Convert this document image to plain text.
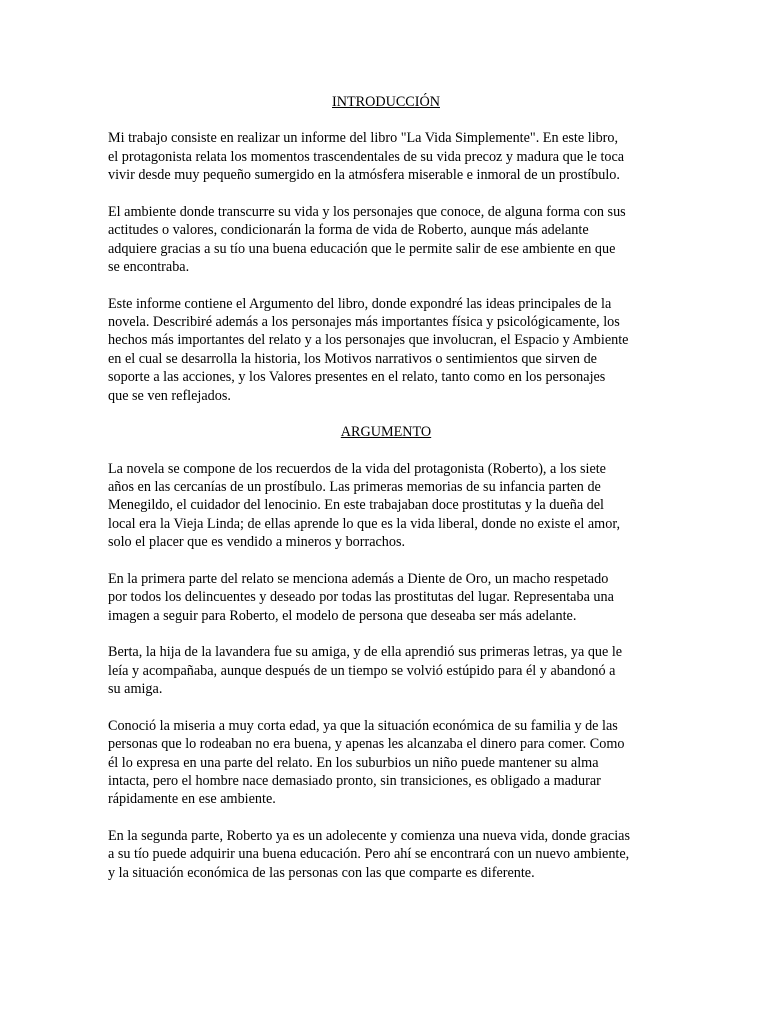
INTRODUCCIÓN

Mi trabajo consiste en realizar un informe del libro "La Vida Simplemente". En este libro,
el protagonista relata los momentos trascendentales de su vida precoz y madura que le toca
vivir desde muy pequeño sumergido en la atmósfera miserable e inmoral de un prostíbulo.

El ambiente donde transcurre su vida y los personajes que conoce, de alguna forma con sus
actitudes o valores, condicionarán la forma de vida de Roberto, aunque más adelante
adquiere gracias a su tío una buena educación que le permite salir de ese ambiente en que
se encontraba.

Este informe contiene el Argumento del libro, donde expondré las ideas principales de la
novela. Describiré además a los personajes más importantes física y psicológicamente, los
hechos más importantes del relato y a los personajes que involucran, el Espacio y Ambiente
en el cual se desarrolla la historia, los Motivos narrativos o sentimientos que sirven de
soporte a las acciones, y los Valores presentes en el relato, tanto como en los personajes
que se ven reflejados.

ARGUMENTO

La novela se compone de los recuerdos de la vida del protagonista (Roberto), a los siete
años en las cercanías de un prostíbulo. Las primeras memorias de su infancia parten de
Menegildo, el cuidador del lenocinio. En este trabajaban doce prostitutas y la dueña del
local era la Vieja Linda; de ellas aprende lo que es la vida liberal, donde no existe el amor,
solo el placer que es vendido a mineros y borrachos.

En la primera parte del relato se menciona además a Diente de Oro, un macho respetado
por todos los delincuentes y deseado por todas las prostitutas del lugar. Representaba una
imagen a seguir para Roberto, el modelo de persona que deseaba ser más adelante.

Berta, la hija de la lavandera fue su amiga, y de ella aprendió sus primeras letras, ya que le
leía y acompañaba, aunque después de un tiempo se volvió estúpido para él y abandonó a
su amiga.

Conoció la miseria a muy corta edad, ya que la situación económica de su familia y de las
personas que lo rodeaban no era buena, y apenas les alcanzaba el dinero para comer. Como
él lo expresa en una parte del relato. En los suburbios un niño puede mantener su alma
intacta, pero el hombre nace demasiado pronto, sin transiciones, es obligado a madurar
rápidamente en ese ambiente.

En la segunda parte, Roberto ya es un adolecente y comienza una nueva vida, donde gracias
a su tío puede adquirir una buena educación. Pero ahí se encontrará con un nuevo ambiente,
y la situación económica de las personas con las que comparte es diferente.
